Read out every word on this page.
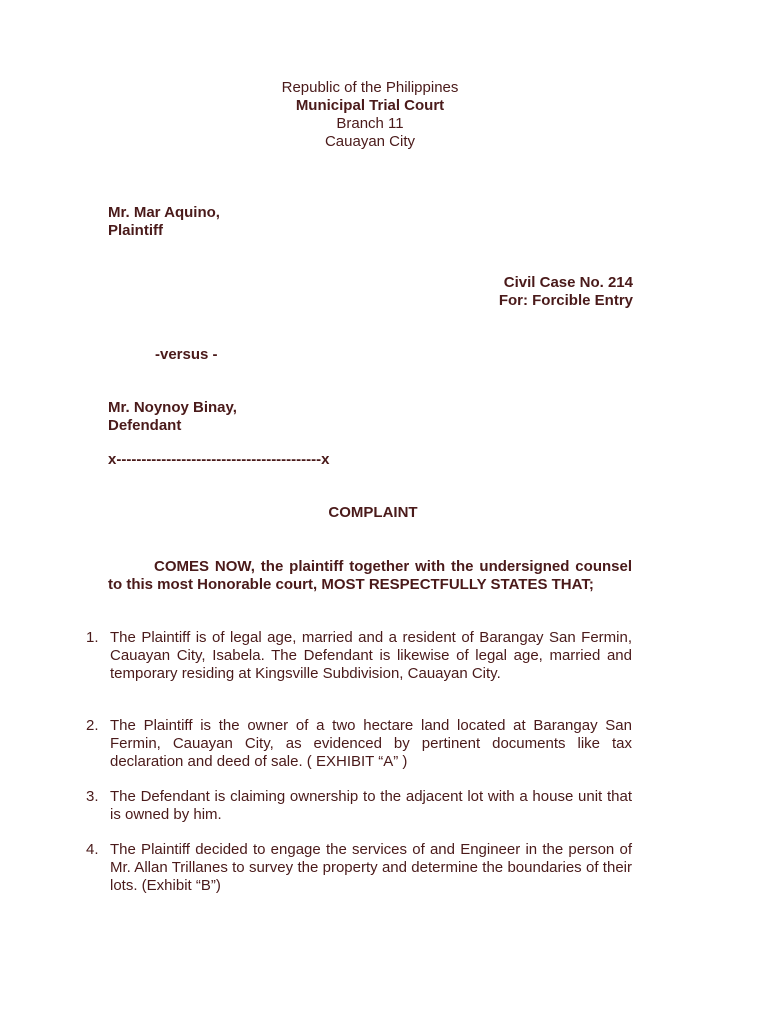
Republic of the Philippines
Municipal Trial Court
Branch 11
Cauayan City
Mr. Mar Aquino,
Plaintiff
Civil Case No. 214
For: Forcible Entry
-versus -
Mr. Noynoy Binay,
Defendant
x-----------------------------------------x
COMPLAINT
COMES NOW, the plaintiff together with the undersigned counsel to this most Honorable court, MOST RESPECTFULLY STATES THAT;
1. The Plaintiff is of legal age, married and a resident of Barangay San Fermin, Cauayan City, Isabela. The Defendant is likewise of legal age, married and temporary residing at Kingsville Subdivision, Cauayan City.
2. The Plaintiff is the owner of a two hectare land located at Barangay San Fermin, Cauayan City, as evidenced by pertinent documents like tax declaration and deed of sale. ( EXHIBIT “A” )
3. The Defendant is claiming ownership to the adjacent lot with a house unit that is owned by him.
4. The Plaintiff decided to engage the services of and Engineer in the person of Mr. Allan Trillanes to survey the property and determine the boundaries of their lots. (Exhibit “B”)
